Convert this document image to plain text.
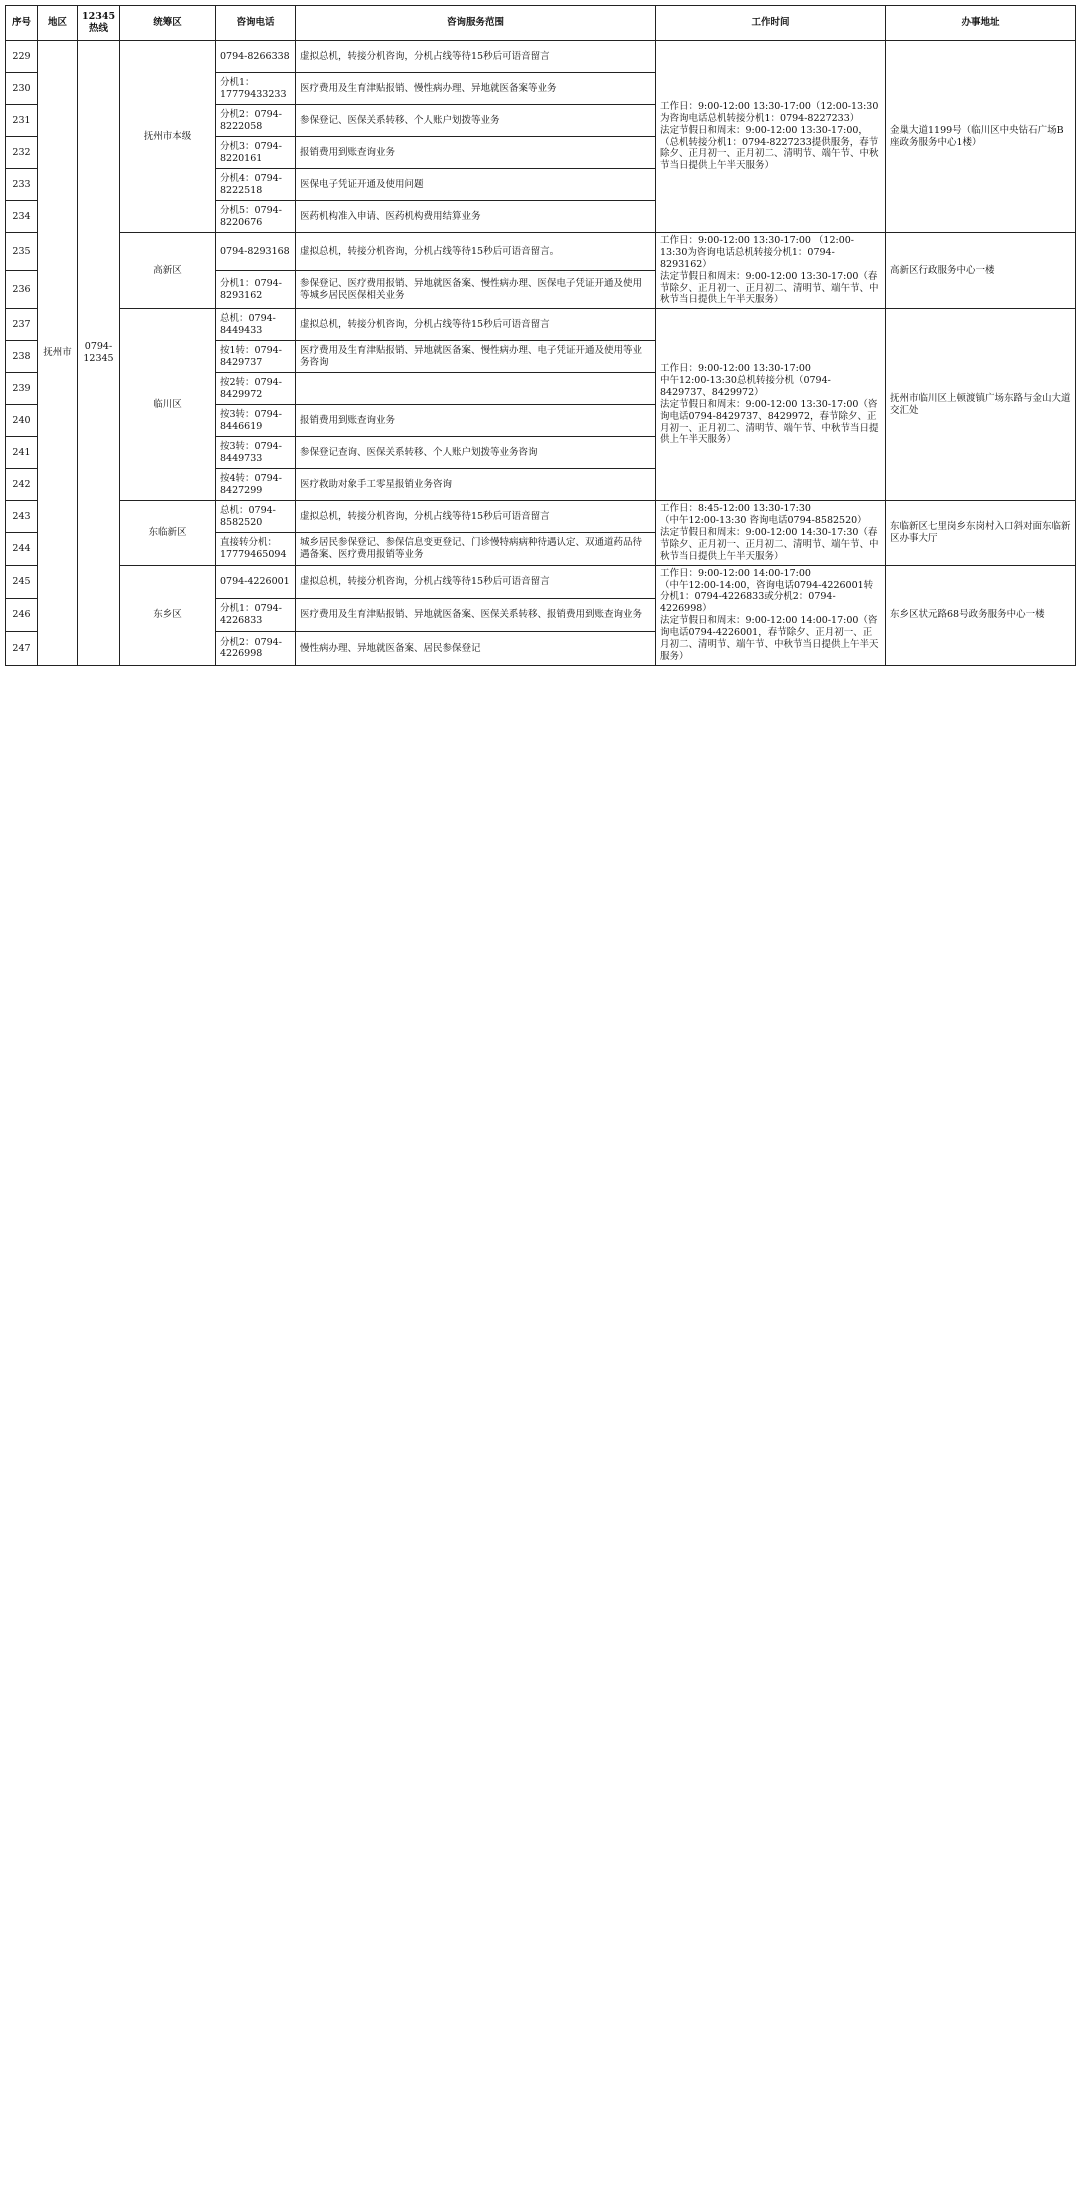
序号	地区	12345热线	统筹区	咨询电话	咨询服务范围	工作时间	办事地址
229	抚州市	0794-12345	抚州市本级	0794-8266338	虚拟总机，转接分机咨询，分机占线等待15秒后可语音留言	工作日：9:00-12:00 13:30-17:00（12:00-13:30为咨询电话总机转接分机1：0794-8227233）
法定节假日和周末：9:00-12:00 13:30-17:00，（总机转接分机1：0794-8227233提供服务，春节除夕、正月初一、正月初二、清明节、端午节、中秋节当日提供上午半天服务）	金巢大道1199号（临川区中央钻石广场B座政务服务中心1楼）
230				分机1：17779433233	医疗费用及生育津贴报销、慢性病办理、异地就医备案等业务		
231				分机2：0794-8222058	参保登记、医保关系转移、个人账户划拨等业务		
232				分机3：0794-8220161	报销费用到账查询业务		
233				分机4：0794-8222518	医保电子凭证开通及使用问题		
234				分机5：0794-8220676	医药机构准入申请、医药机构费用结算业务		
235			高新区	0794-8293168	虚拟总机，转接分机咨询，分机占线等待15秒后可语音留言。	工作日：9:00-12:00 13:30-17:00 （12:00-13:30为咨询电话总机转接分机1：0794-8293162）
法定节假日和周末：9:00-12:00 13:30-17:00（春节除夕、正月初一、正月初二、清明节、端午节、中秋节当日提供上午半天服务）	高新区行政服务中心一楼
236				分机1：0794-8293162	参保登记、医疗费用报销、异地就医备案、慢性病办理、医保电子凭证开通及使用等城乡居民医保相关业务		
237			临川区	总机：0794-8449433	虚拟总机，转接分机咨询，分机占线等待15秒后可语音留言	工作日：9:00-12:00 13:30-17:00
中午12:00-13:30总机转接分机（0794-8429737、8429972）
法定节假日和周末：9:00-12:00 13:30-17:00（咨询电话0794-8429737、8429972，春节除夕、正月初一、正月初二、清明节、端午节、中秋节当日提供上午半天服务）	抚州市临川区上顿渡镇广场东路与金山大道交汇处
238				按1转：0794-8429737	医疗费用及生育津贴报销、异地就医备案、慢性病办理、电子凭证开通及使用等业务咨询		
239				按2转：0794-8429972			
240				按3转：0794-8446619	报销费用到账查询业务		
241				按3转：0794-8449733	参保登记查询、医保关系转移、个人账户划拨等业务咨询		
242				按4转：0794-8427299	医疗救助对象手工零星报销业务咨询		
243			东临新区	总机：0794-8582520	虚拟总机，转接分机咨询，分机占线等待15秒后可语音留言	工作日：8:45-12:00 13:30-17:30
（中午12:00-13:30 咨询电话0794-8582520）
法定节假日和周末：9:00-12:00 14:30-17:30（春节除夕、正月初一、正月初二、清明节、端午节、中秋节当日提供上午半天服务）	东临新区七里岗乡东岗村入口斜对面东临新区办事大厅
244				直接转分机：17779465094	城乡居民参保登记、参保信息变更登记、门诊慢特病病种待遇认定、双通道药品待遇备案、医疗费用报销等业务		
245			东乡区	0794-4226001	虚拟总机，转接分机咨询，分机占线等待15秒后可语音留言	工作日：9:00-12:00 14:00-17:00
（中午12:00-14:00，咨询电话0794-4226001转分机1：0794-4226833或分机2：0794-4226998）
法定节假日和周末：9:00-12:00 14:00-17:00（咨询电话0794-4226001，春节除夕、正月初一、正月初二、清明节、端午节、中秋节当日提供上午半天服务）	东乡区状元路68号政务服务中心一楼
246				分机1：0794-4226833	医疗费用及生育津贴报销、异地就医备案、医保关系转移、报销费用到账查询业务		
247				分机2：0794-4226998	慢性病办理、异地就医备案、居民参保登记		
